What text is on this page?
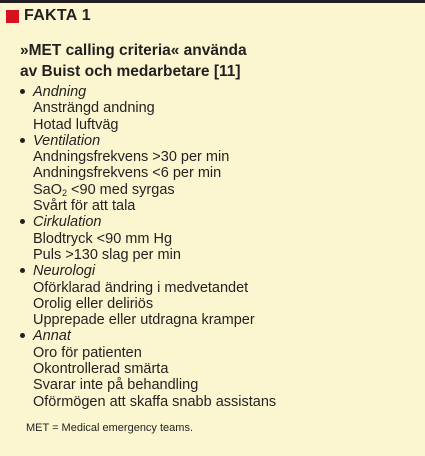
FAKTA 1
»MET calling criteria« använda
av Buist och medarbetare [11]
Andning
Ansträngd andning
Hotad luftväg
Ventilation
Andningsfrekvens >30 per min
Andningsfrekvens <6 per min
SaO$_2$ <90 med syrgas
Svårt för att tala
Cirkulation
Blodtryck <90 mm Hg
Puls >130 slag per min
Neurologi
Oförklarad ändring i medvetandet
Orolig eller deliriös
Upprepade eller utdragna kramper
Annat
Oro för patienten
Okontrollerad smärta
Svarar inte på behandling
Oförmögen att skaffa snabb assistans
MET = Medical emergency teams.
